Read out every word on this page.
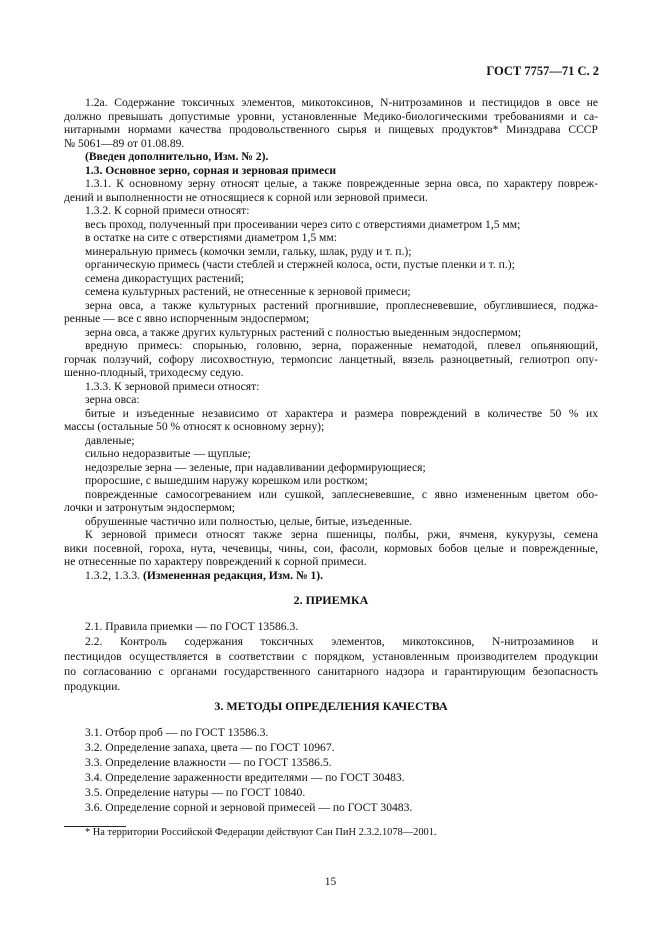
ГОСТ 7757—71 С. 2
1.2а. Содержание токсичных элементов, микотоксинов, N-нитрозаминов и пестицидов в овсе не
должно превышать допустимые уровни, установленные Медико-биологическими требованиями и са-
нитарными нормами качества продовольственного сырья и пищевых продуктов* Минздрава СССР
№ 5061—89 от 01.08.89.
(Введен дополнительно, Изм. № 2).
1.3. Основное зерно, сорная и зерновая примеси
1.3.1. К основному зерну относят целые, а также поврежденные зерна овса, по характеру повреж-
дений и выполненности не относящиеся к сорной или зерновой примеси.
1.3.2. К сорной примеси относят:
весь проход, полученный при просеивании через сито с отверстиями диаметром 1,5 мм;
в остатке на сите с отверстиями диаметром 1,5 мм:
минеральную примесь (комочки земли, гальку, шлак, руду и т. п.);
органическую примесь (части стеблей и стержней колоса, ости, пустые пленки и т. п.);
семена дикорастущих растений;
семена культурных растений, не отнесенные к зерновой примеси;
зерна овса, а также культурных растений прогнившие, проплесневевшие, обуглившиеся, поджа-
ренные — все с явно испорченным эндоспермом;
зерна овса, а также других культурных растений с полностью выеденным эндоспермом;
вредную примесь: спорынью, головню, зерна, пораженные нематодой, плевел опьяняющий,
горчак ползучий, софору лисохвостную, термопсис ланцетный, вязель разноцветный, гелиотроп опу-
шенно-плодный, триходесму седую.
1.3.3. К зерновой примеси относят:
зерна овса:
битые и изъеденные независимо от характера и размера повреждений в количестве 50 % их
массы (остальные 50 % относят к основному зерну);
давленые;
сильно недоразвитые — щуплые;
недозрелые зерна — зеленые, при надавливании деформирующиеся;
проросшие, с вышедшим наружу корешком или ростком;
поврежденные самосогреванием или сушкой, заплесневевшие, с явно измененным цветом обо-
лочки и затронутым эндоспермом;
обрушенные частично или полностью, целые, битые, изъеденные.
К зерновой примеси относят также зерна пшеницы, полбы, ржи, ячменя, кукурузы, семена
вики посевной, гороха, нута, чечевицы, чины, сои, фасоли, кормовых бобов целые и поврежденные,
не отнесенные по характеру повреждений к сорной примеси.
1.3.2, 1.3.3. (Измененная редакция, Изм. № 1).
2. ПРИЕМКА
2.1. Правила приемки — по ГОСТ 13586.3.
2.2. Контроль содержания токсичных элементов, микотоксинов, N-нитрозаминов и
пестицидов осуществляется в соответствии с порядком, установленным производителем продукции
по согласованию с органами государственного санитарного надзора и гарантирующим безопасность
продукции.
3. МЕТОДЫ ОПРЕДЕЛЕНИЯ КАЧЕСТВА
3.1. Отбор проб — по ГОСТ 13586.3.
3.2. Определение запаха, цвета — по ГОСТ 10967.
3.3. Определение влажности — по ГОСТ 13586.5.
3.4. Определение зараженности вредителями — по ГОСТ 30483.
3.5. Определение натуры — по ГОСТ 10840.
3.6. Определение сорной и зерновой примесей — по ГОСТ 30483.
* На территории Российской Федерации действуют Сан ПиН 2.3.2.1078—2001.
15
